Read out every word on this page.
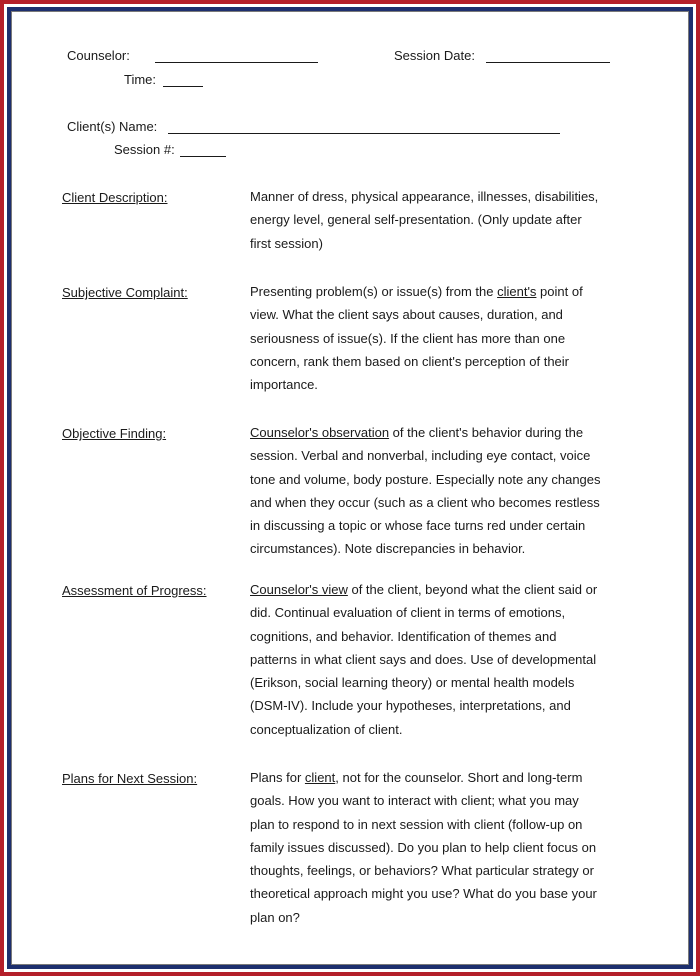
Counselor:	Session Date:
Time:
Client(s) Name:
Session #:
Client Description:	Manner of dress, physical appearance, illnesses, disabilities,
energy level, general self-presentation. (Only update after
first session)
Subjective Complaint:	Presenting problem(s) or issue(s) from the client's point of
view. What the client says about causes, duration, and
seriousness of issue(s). If the client has more than one
concern, rank them based on client's perception of their
importance.
Objective Finding:	Counselor's observation of the client's behavior during the
session. Verbal and nonverbal, including eye contact, voice
tone and volume, body posture. Especially note any changes
and when they occur (such as a client who becomes restless
in discussing a topic or whose face turns red under certain
circumstances). Note discrepancies in behavior.
Assessment of Progress:	Counselor's view of the client, beyond what the client said or
did. Continual evaluation of client in terms of emotions,
cognitions, and behavior. Identification of themes and
patterns in what client says and does. Use of developmental
(Erikson, social learning theory) or mental health models
(DSM-IV). Include your hypotheses, interpretations, and
conceptualization of client.
Plans for Next Session:	Plans for client, not for the counselor. Short and long-term
goals. How you want to interact with client; what you may
plan to respond to in next session with client (follow-up on
family issues discussed). Do you plan to help client focus on
thoughts, feelings, or behaviors? What particular strategy or
theoretical approach might you use? What do you base your
plan on?
